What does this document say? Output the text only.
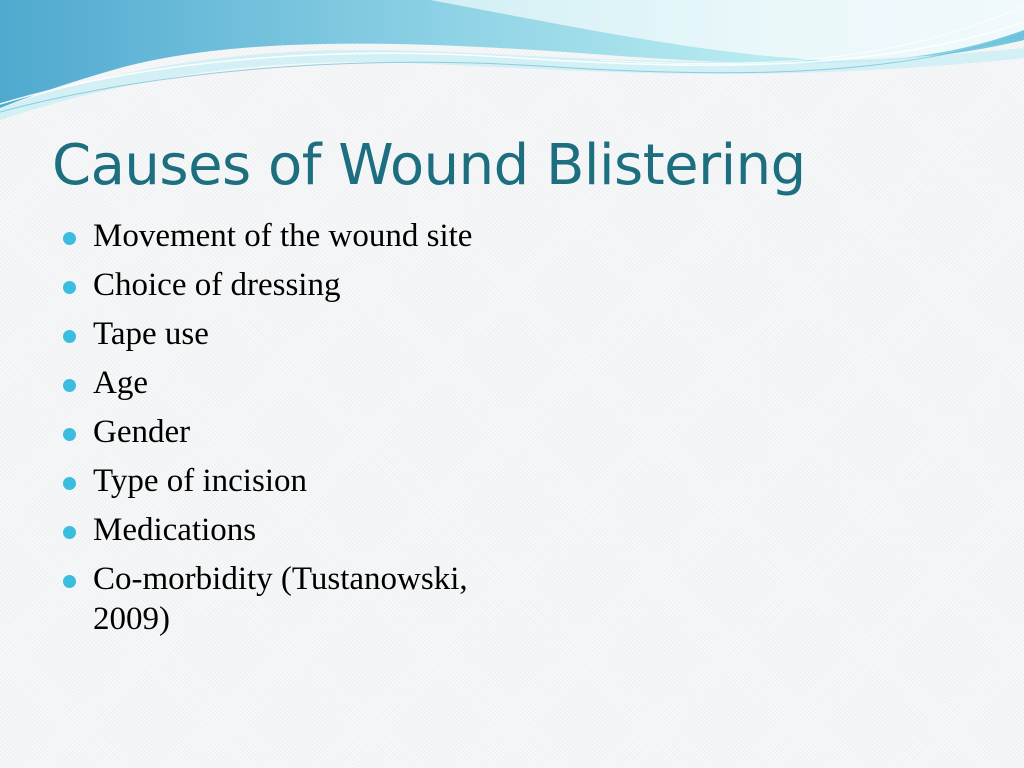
Causes of Wound Blistering
Movement of the wound site
Choice of dressing
Tape use
Age
Gender
Type of incision
Medications
Co-morbidity (Tustanowski, 2009)
